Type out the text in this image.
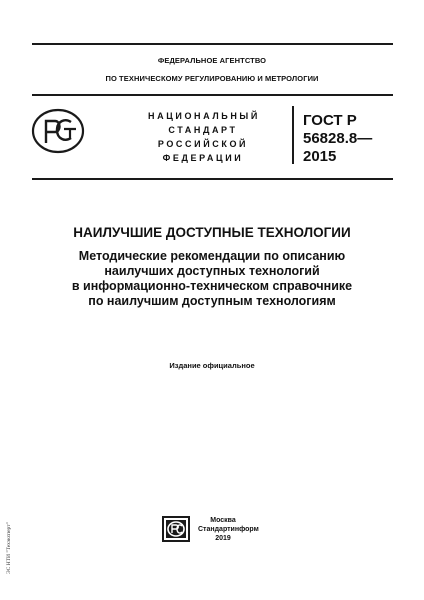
ФЕДЕРАЛЬНОЕ АГЕНТСТВО
ПО ТЕХНИЧЕСКОМУ РЕГУЛИРОВАНИЮ И МЕТРОЛОГИИ
НАЦИОНАЛЬНЫЙ
СТАНДАРТ
РОССИЙСКОЙ
ФЕДЕРАЦИИ
ГОСТ Р
56828.8—
2015
НАИЛУЧШИЕ ДОСТУПНЫЕ ТЕХНОЛОГИИ
Методические рекомендации по описанию
наилучших доступных технологий
в информационно-техническом справочнике
по наилучшим доступным технологиям
Издание официальное
Москва
Стандартинформ
2019
ЭС НТИ "Техэксперт"
